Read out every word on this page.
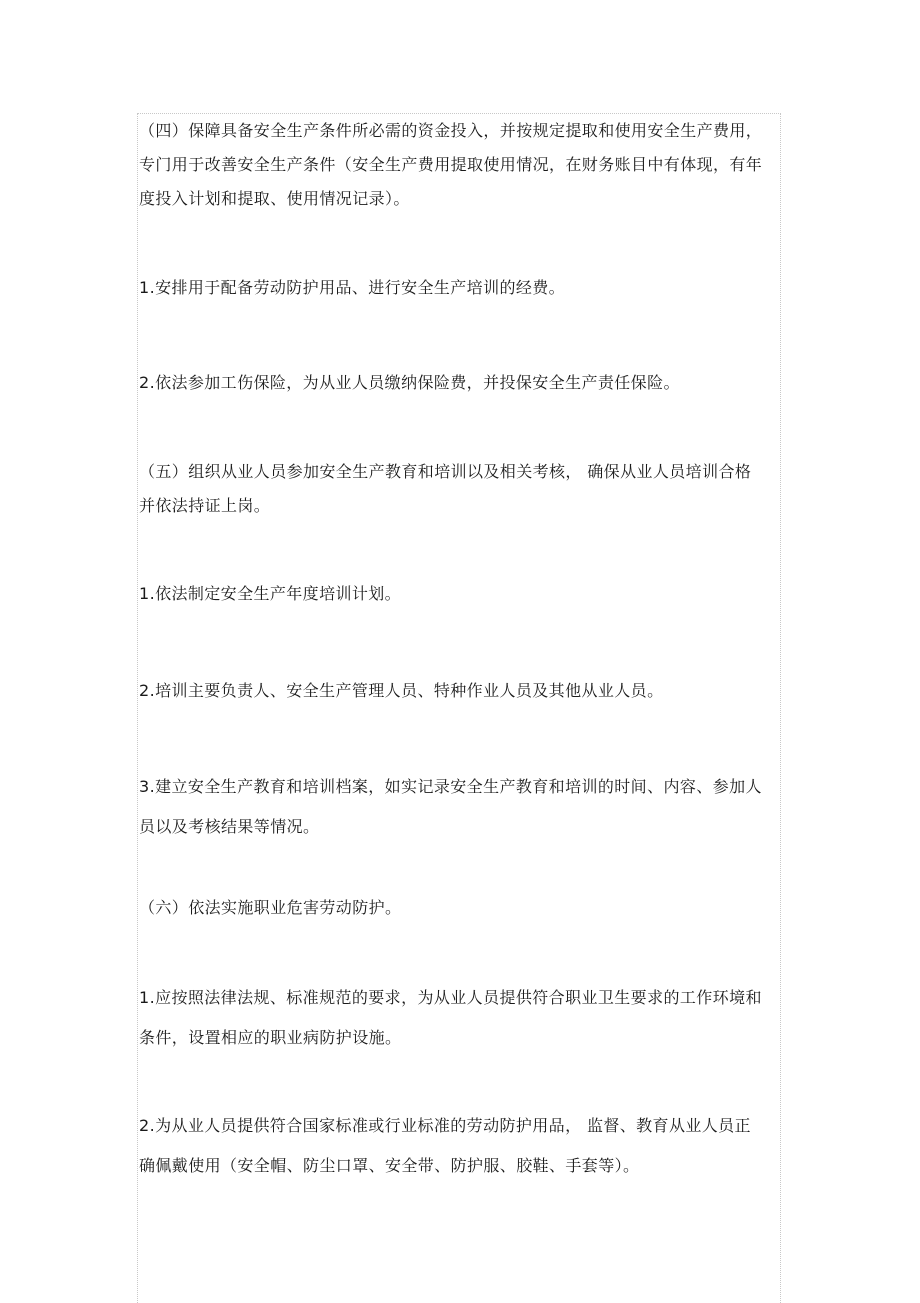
（四）保障具备安全生产条件所必需的资金投入，并按规定提取和使用安全生产费用，专门用于改善安全生产条件（安全生产费用提取使用情况，在财务账目中有体现，有年度投入计划和提取、使用情况记录）。
1.安排用于配备劳动防护用品、进行安全生产培训的经费。
2.依法参加工伤保险，为从业人员缴纳保险费，并投保安全生产责任保险。
（五）组织从业人员参加安全生产教育和培训以及相关考核， 确保从业人员培训合格并依法持证上岗。
1.依法制定安全生产年度培训计划。
2.培训主要负责人、安全生产管理人员、特种作业人员及其他从业人员。
3.建立安全生产教育和培训档案，如实记录安全生产教育和培训的时间、内容、参加人员以及考核结果等情况。
（六）依法实施职业危害劳动防护。
1.应按照法律法规、标准规范的要求，为从业人员提供符合职业卫生要求的工作环境和条件，设置相应的职业病防护设施。
2.为从业人员提供符合国家标准或行业标准的劳动防护用品， 监督、教育从业人员正确佩戴使用（安全帽、防尘口罩、安全带、防护服、胶鞋、手套等）。
